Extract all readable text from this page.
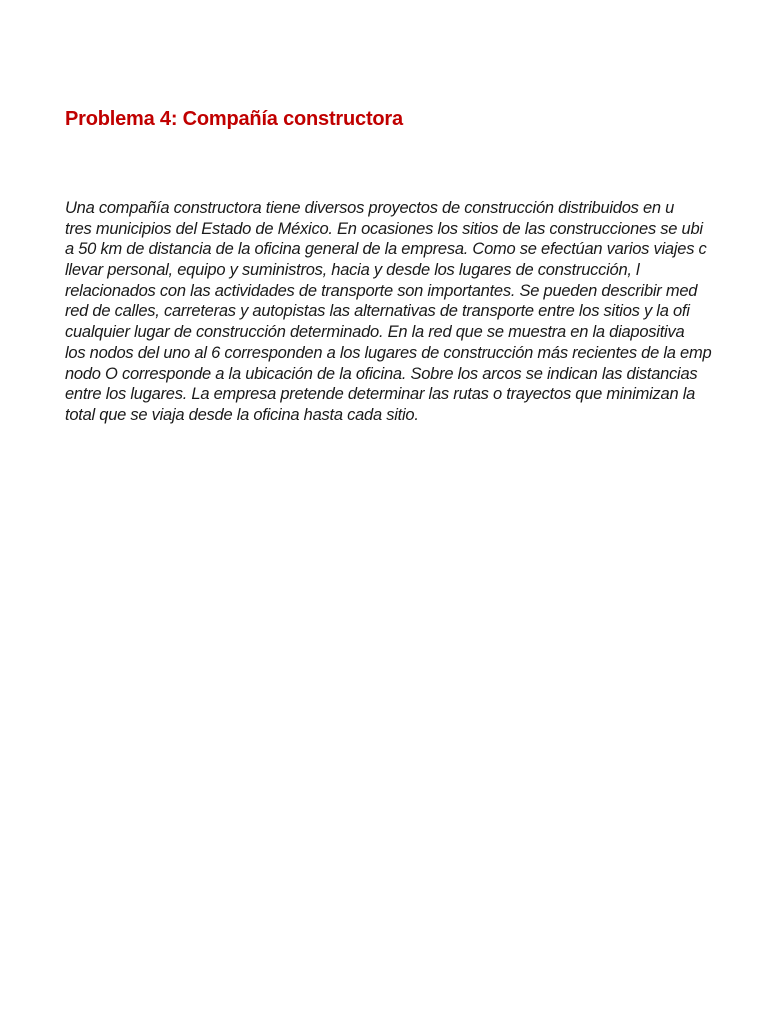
Problema 4: Compañía constructora
Una compañía constructora tiene diversos proyectos de construcción distribuidos en u
tres municipios del Estado de México. En ocasiones los sitios de las construcciones se ubi
a 50 km de distancia de la oficina general de la empresa. Como se efectúan varios viajes c
llevar personal, equipo y suministros, hacia y desde los lugares de construcción, l
relacionados con las actividades de transporte son importantes. Se pueden describir med
red de calles, carreteras y autopistas las alternativas de transporte entre los sitios y la ofi
cualquier lugar de construcción determinado. En la red que se muestra en la diapositiva
los nodos del uno al 6 corresponden a los lugares de construcción más recientes de la emp
nodo O corresponde a la ubicación de la oficina. Sobre los arcos se indican las distancias
entre los lugares. La empresa pretende determinar las rutas o trayectos que minimizan la
total que se viaja desde la oficina hasta cada sitio.
